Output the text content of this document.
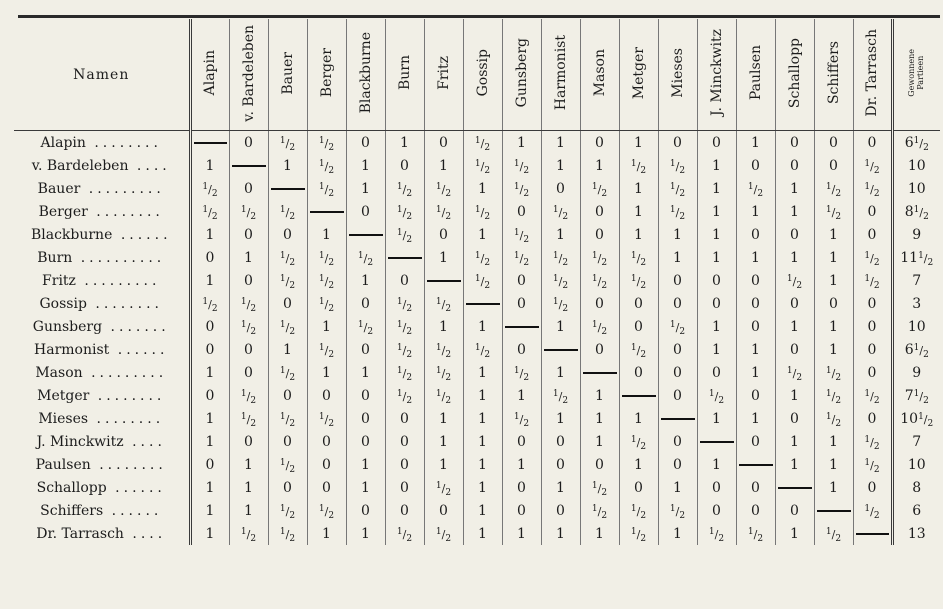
Namen	Alapin	v. Bardeleben	Bauer	Berger	Blackburne	Burn	Fritz	Gossip	Gunsberg	Harmonist	Mason	Metger	Mieses	J. Minckwitz	Paulsen	Schallopp	Schiffers	Dr. Tarrasch	Gewonnene
Partieen
Alapin ........		0	$^1/_2$	$^1/_2$	0	1	0	$^1/_2$	1	1	0	1	0	0	1	0	0	0	$6^1/_2$
v. Bardeleben ....	1		1	$^1/_2$	1	0	1	$^1/_2$	$^1/_2$	1	1	$^1/_2$	$^1/_2$	1	0	0	0	$^1/_2$	10
Bauer .........	$^1/_2$	0		$^1/_2$	1	$^1/_2$	$^1/_2$	1	$^1/_2$	0	$^1/_2$	1	$^1/_2$	1	$^1/_2$	1	$^1/_2$	$^1/_2$	10
Berger ........	$^1/_2$	$^1/_2$	$^1/_2$		0	$^1/_2$	$^1/_2$	$^1/_2$	0	$^1/_2$	0	1	$^1/_2$	1	1	1	$^1/_2$	0	$8^1/_2$
Blackburne ......	1	0	0	1		$^1/_2$	0	1	$^1/_2$	1	0	1	1	1	0	0	1	0	9
Burn ..........	0	1	$^1/_2$	$^1/_2$	$^1/_2$		1	$^1/_2$	$^1/_2$	$^1/_2$	$^1/_2$	$^1/_2$	1	1	1	1	1	$^1/_2$	$11^1/_2$
Fritz .........	1	0	$^1/_2$	$^1/_2$	1	0		$^1/_2$	0	$^1/_2$	$^1/_2$	$^1/_2$	0	0	0	$^1/_2$	1	$^1/_2$	7
Gossip ........	$^1/_2$	$^1/_2$	0	$^1/_2$	0	$^1/_2$	$^1/_2$		0	$^1/_2$	0	0	0	0	0	0	0	0	3
Gunsberg .......	0	$^1/_2$	$^1/_2$	1	$^1/_2$	$^1/_2$	1	1		1	$^1/_2$	0	$^1/_2$	1	0	1	1	0	10
Harmonist ......	0	0	1	$^1/_2$	0	$^1/_2$	$^1/_2$	$^1/_2$	0		0	$^1/_2$	0	1	1	0	1	0	$6^1/_2$
Mason .........	1	0	$^1/_2$	1	1	$^1/_2$	$^1/_2$	1	$^1/_2$	1		0	0	0	1	$^1/_2$	$^1/_2$	0	9
Metger ........	0	$^1/_2$	0	0	0	$^1/_2$	$^1/_2$	1	1	$^1/_2$	1		0	$^1/_2$	0	1	$^1/_2$	$^1/_2$	$7^1/_2$
Mieses ........	1	$^1/_2$	$^1/_2$	$^1/_2$	0	0	1	1	$^1/_2$	1	1	1		1	1	0	$^1/_2$	0	$10^1/_2$
J. Minckwitz ....	1	0	0	0	0	0	1	1	0	0	1	$^1/_2$	0		0	1	1	$^1/_2$	7
Paulsen ........	0	1	$^1/_2$	0	1	0	1	1	1	0	0	1	0	1		1	1	$^1/_2$	10
Schallopp ......	1	1	0	0	1	0	$^1/_2$	1	0	1	$^1/_2$	0	1	0	0		1	0	8
Schiffers ......	1	1	$^1/_2$	$^1/_2$	0	0	0	1	0	0	$^1/_2$	$^1/_2$	$^1/_2$	0	0	0		$^1/_2$	6
Dr. Tarrasch ....	1	$^1/_2$	$^1/_2$	1	1	$^1/_2$	$^1/_2$	1	1	1	1	$^1/_2$	1	$^1/_2$	$^1/_2$	1	$^1/_2$		13
